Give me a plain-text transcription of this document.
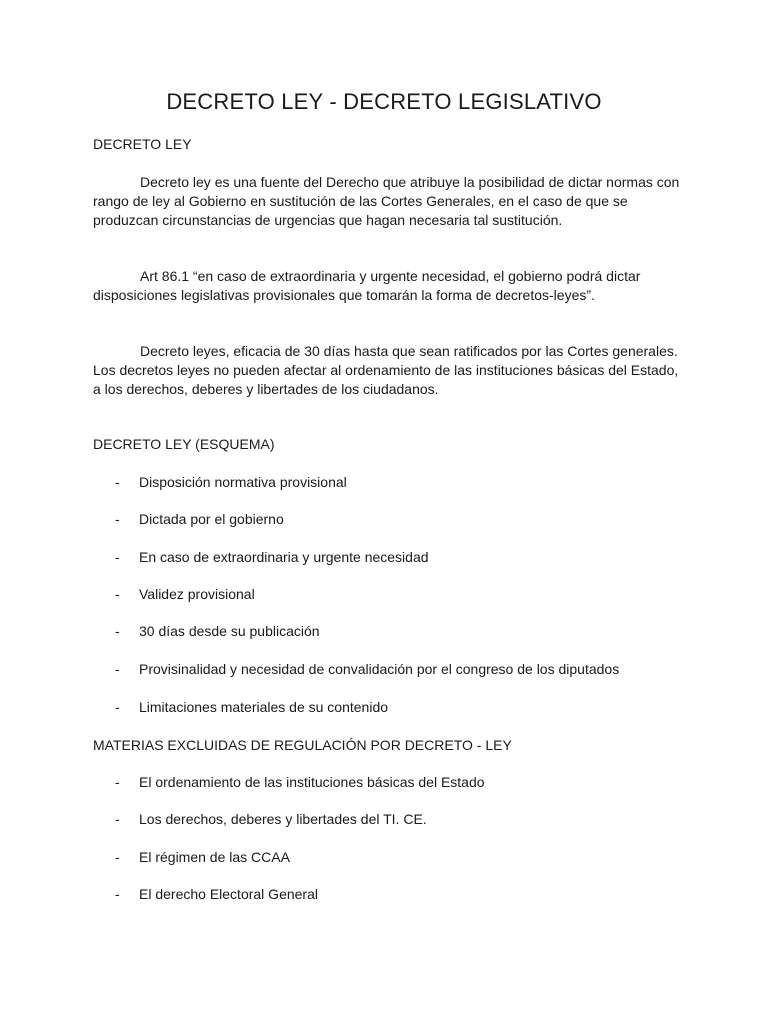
DECRETO LEY - DECRETO LEGISLATIVO
DECRETO LEY
Decreto ley es una fuente del Derecho que atribuye la posibilidad de dictar normas con rango de ley al Gobierno en sustitución de las Cortes Generales, en el caso de que se produzcan circunstancias de urgencias que hagan necesaria tal sustitución.
Art 86.1 “en caso de extraordinaria y urgente necesidad, el gobierno podrá dictar disposiciones legislativas provisionales que tomarán la forma de decretos-leyes”.
Decreto leyes, eficacia de 30 días hasta que sean ratificados por las Cortes generales. Los decretos leyes no pueden afectar al ordenamiento de las instituciones básicas del Estado, a los derechos, deberes y libertades de los ciudadanos.
DECRETO LEY (ESQUEMA)
- Disposición normativa provisional
- Dictada por el gobierno
- En caso de extraordinaria y urgente necesidad
- Validez provisional
- 30 días desde su publicación
- Provisinalidad y necesidad de convalidación por el congreso de los diputados
- Limitaciones materiales de su contenido
MATERIAS EXCLUIDAS DE REGULACIÓN POR DECRETO - LEY
- El ordenamiento de las instituciones básicas del Estado
- Los derechos, deberes y libertades del TI. CE.
- El régimen de las CCAA
- El derecho Electoral General
